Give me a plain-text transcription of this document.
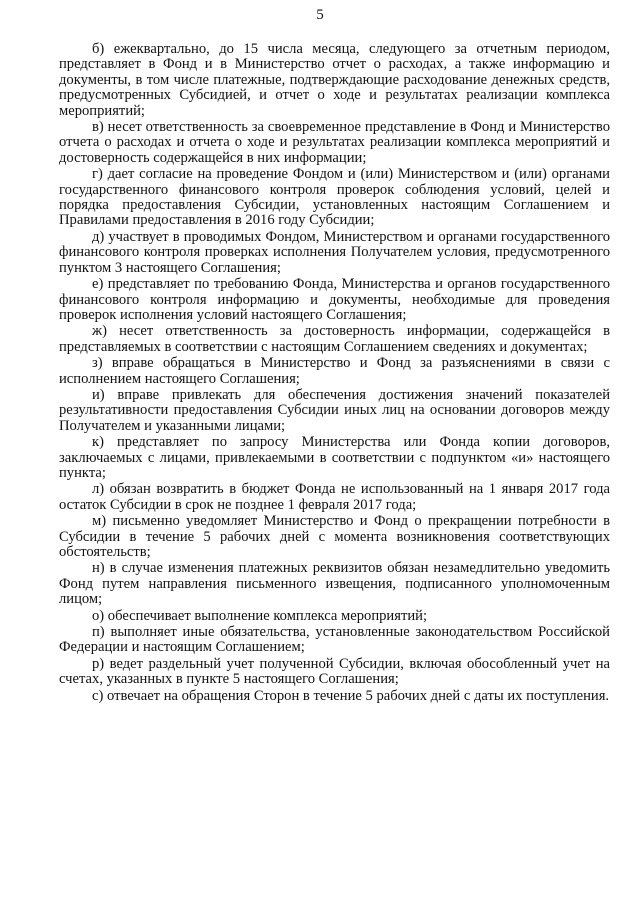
5

б) ежеквартально, до 15 числа месяца, следующего за отчетным периодом, представляет в Фонд и в Министерство отчет о расходах, а также информацию и документы, в том числе платежные, подтверждающие расходование денежных средств, предусмотренных Субсидией, и отчет о ходе и результатах реализации комплекса мероприятий;

в) несет ответственность за своевременное представление в Фонд и Министерство отчета о расходах и отчета о ходе и результатах реализации комплекса мероприятий и достоверность содержащейся в них информации;

г) дает согласие на проведение Фондом и (или) Министерством и (или) органами государственного финансового контроля проверок соблюдения условий, целей и порядка предоставления Субсидии, установленных настоящим Соглашением и Правилами предоставления в 2016 году Субсидии;

д) участвует в проводимых Фондом, Министерством и органами государственного финансового контроля проверках исполнения Получателем условия, предусмотренного пунктом 3 настоящего Соглашения;

е) представляет по требованию Фонда, Министерства и органов государственного финансового контроля информацию и документы, необходимые для проведения проверок исполнения условий настоящего Соглашения;

ж) несет ответственность за достоверность информации, содержащейся в представляемых в соответствии с настоящим Соглашением сведениях и документах;

з) вправе обращаться в Министерство и Фонд за разъяснениями в связи с исполнением настоящего Соглашения;

и) вправе привлекать для обеспечения достижения значений показателей результативности предоставления Субсидии иных лиц на основании договоров между Получателем и указанными лицами;

к) представляет по запросу Министерства или Фонда копии договоров, заключаемых с лицами, привлекаемыми в соответствии с подпунктом «и» настоящего пункта;

л) обязан возвратить в бюджет Фонда не использованный на 1 января 2017 года остаток Субсидии в срок не позднее 1 февраля 2017 года;

м) письменно уведомляет Министерство и Фонд о прекращении потребности в Субсидии в течение 5 рабочих дней с момента возникновения соответствующих обстоятельств;

н) в случае изменения платежных реквизитов обязан незамедлительно уведомить Фонд путем направления письменного извещения, подписанного уполномоченным лицом;

о) обеспечивает выполнение комплекса мероприятий;

п) выполняет иные обязательства, установленные законодательством Российской Федерации и настоящим Соглашением;

р) ведет раздельный учет полученной Субсидии, включая обособленный учет на счетах, указанных в пункте 5 настоящего Соглашения;

с) отвечает на обращения Сторон в течение 5 рабочих дней с даты их поступления.
